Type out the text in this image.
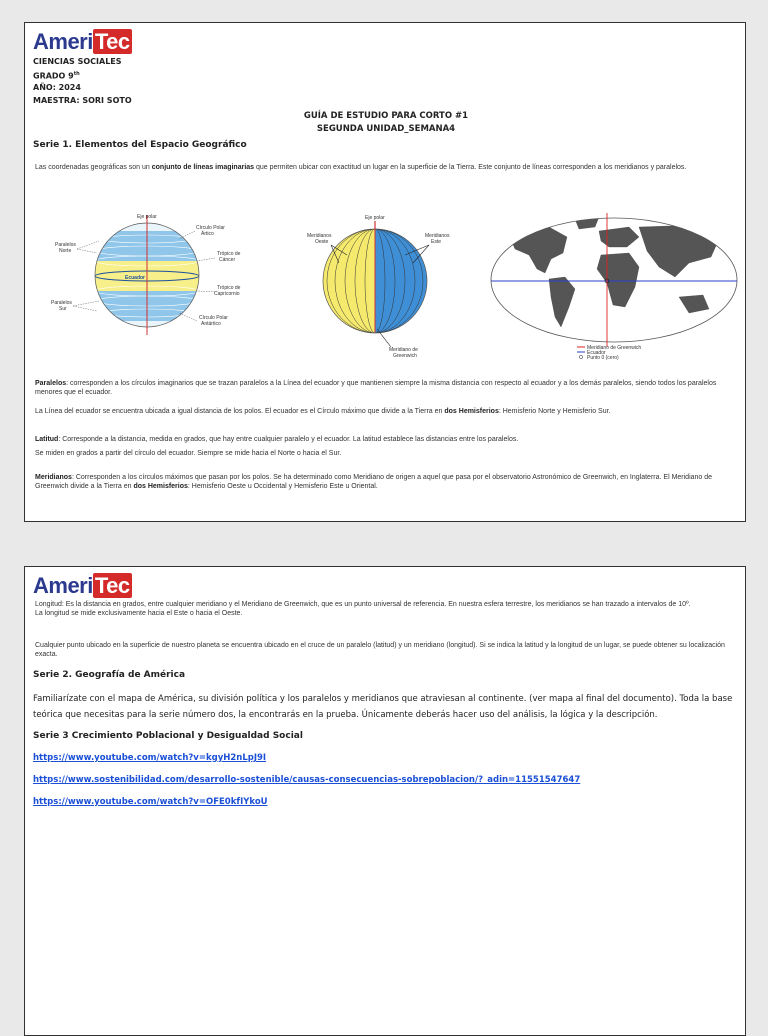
AmeriTec
CIENCIAS SOCIALES
GRADO 9th
AÑO: 2024
MAESTRA: SORI SOTO
GUÍA DE ESTUDIO PARA CORTO #1
SEGUNDA UNIDAD_SEMANA4
Serie 1. Elementos del Espacio Geográfico
Las coordenadas geográficas son un conjunto de líneas imaginarias que permiten ubicar con exactitud un lugar en la superficie de la Tierra. Este conjunto de líneas corresponden a los meridianos y paralelos.
Eje polar
Círculo Polar
Ártico
Paralelos
Norte	Trópico de
Cáncer
Ecuador
Trópico de
Capricornio
Paralelos
Sur
Círculo Polar
Antártico
Eje polar
Meridianos
Oeste
Meridianos
Este
Meridiano de
Greenwich
Meridiano de Greenwich
Ecuador
Punto 0 (cero)
Paralelos: corresponden a los círculos imaginarios que se trazan paralelos a la Línea del ecuador y que mantienen siempre la misma distancia con respecto al ecuador y a los demás paralelos, siendo todos los paralelos menores que el ecuador.
La Línea del ecuador se encuentra ubicada a igual distancia de los polos. El ecuador es el Círculo máximo que divide a la Tierra en dos Hemisferios: Hemisferio Norte y Hemisferio Sur.
Latitud: Corresponde a la distancia, medida en grados, que hay entre cualquier paralelo y el ecuador. La latitud establece las distancias entre los paralelos.
Se miden en grados a partir del círculo del ecuador. Siempre se mide hacia el Norte o hacia el Sur.
Meridianos: Corresponden a los círculos máximos que pasan por los polos. Se ha determinado como Meridiano de origen a aquel que pasa por el observatorio Astronómico de Greenwich, en Inglaterra. El Meridiano de Greenwich divide a la Tierra en dos Hemisferios: Hemisferio Oeste u Occidental y Hemisferio Este u Oriental.
AmeriTec
Longitud: Es la distancia en grados, entre cualquier meridiano y el Meridiano de Greenwich, que es un punto universal de referencia. En nuestra esfera terrestre, los meridianos se han trazado a intervalos de 10º.
La longitud se mide exclusivamente hacia el Este o hacia el Oeste.
Cualquier punto ubicado en la superficie de nuestro planeta se encuentra ubicado en el cruce de un paralelo (latitud) y un meridiano (longitud). Si se indica la latitud y la longitud de un lugar, se puede obtener su localización exacta.
Serie 2. Geografía de América
Familiarízate con el mapa de América, su división política y los paralelos y meridianos que atraviesan al continente. (ver mapa al final del documento). Toda la base teórica que necesitas para la serie número dos, la encontrarás en la prueba. Únicamente deberás hacer uso del análisis, la lógica y la descripción.
Serie 3 Crecimiento Poblacional y Desigualdad Social
https://www.youtube.com/watch?v=kgyH2nLpJ9I
https://www.sostenibilidad.com/desarrollo-sostenible/causas-consecuencias-sobrepoblacion/?_adin=11551547647
https://www.youtube.com/watch?v=OFE0kfIYkoU
